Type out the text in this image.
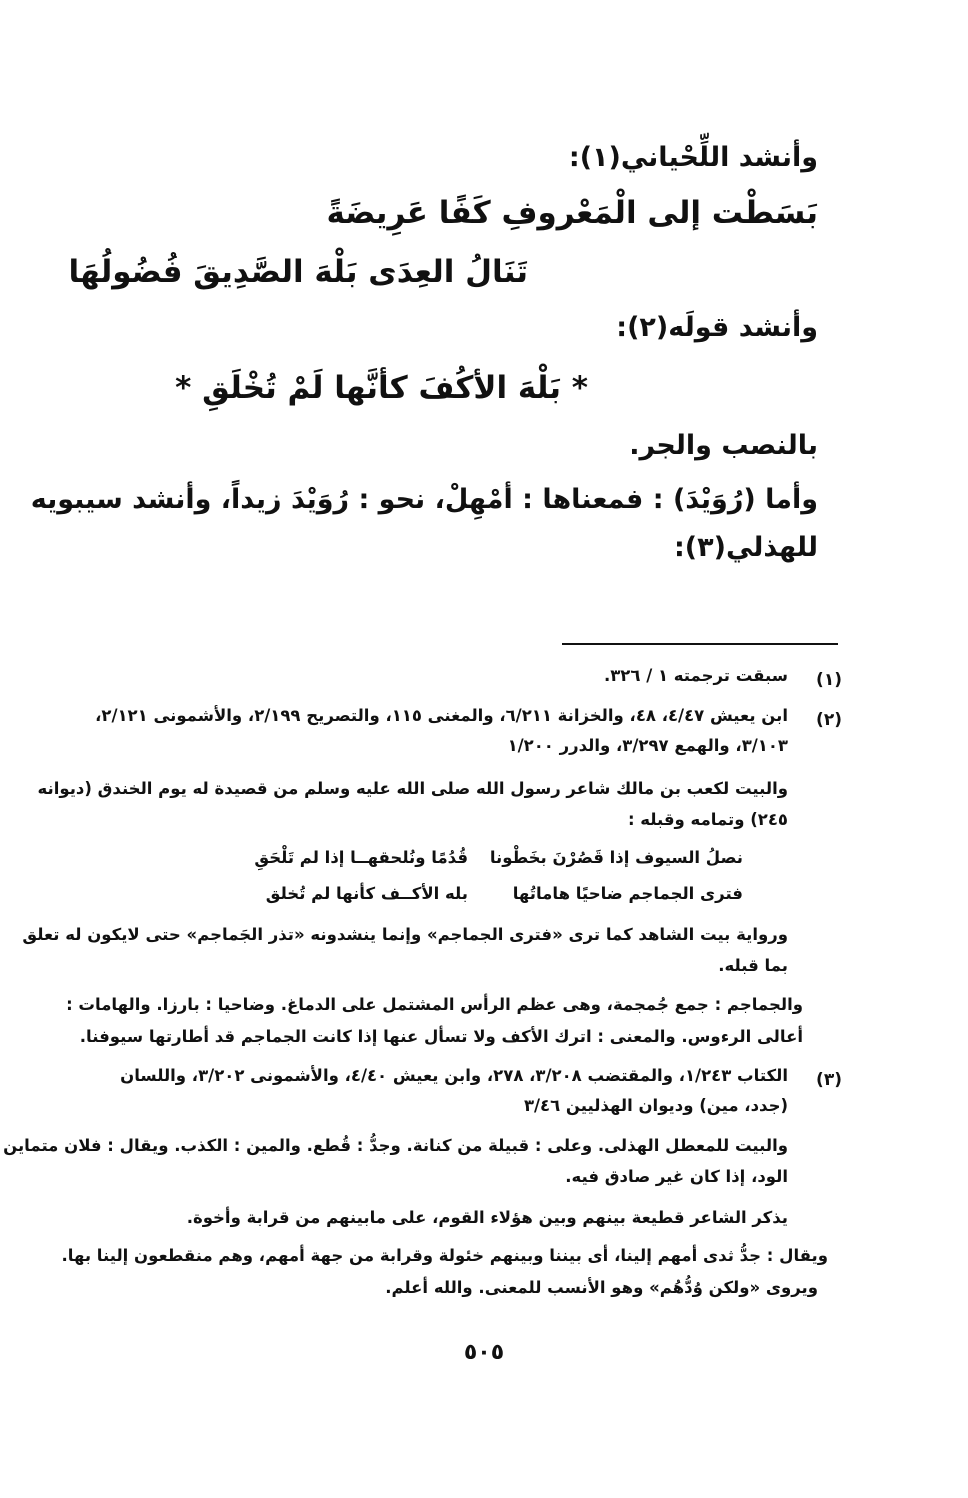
وأنشد اللِّحْياني(١):
بَسَطْت إلى الْمَعْروفِ كَفًا عَرِيضَةً
تَنَالُ العِدَى بَلْهَ الصَّدِيقَ فُضُولُهَا
وأنشد قولَه(٢):
* بَلْهَ الأكُفَ كأنَّها لَمْ تُخْلَقِ *
بالنصب والجر.
وأما (رُوَيْدَ) : فمعناها : أمْهِلْ، نحو : رُوَيْدَ زيداً، وأنشد سيبويه
للهذلي(٣):
(١)
سبقت ترجمته ١ / ٣٢٦.
(٢)
ابن يعيش ٤/٤٧، ٤٨، والخزانة ٦/٢١١، والمغنى ١١٥، والتصريح ٢/١٩٩، والأشمونى ٢/١٢١،
٣/١٠٣، والهمع ٣/٢٩٧، والدرر ١/٢٠٠
والبيت لكعب بن مالك شاعر رسول الله صلى الله عليه وسلم من قصيدة له يوم الخندق (ديوانه
٢٤٥) وتمامه وقبله :
نصلُ السيوف إذا قَصُرْنَ بخَطْونا
قُدُمًا ونُلحقهــا إذا لم تَلْحَقِ
فترى الجماجم ضاحيًا هاماتُها
بله الأكــف كأنها لم تُخلق
ورواية بيت الشاهد كما ترى «فترى الجماجم» وإنما ينشدونه «تذر الجَماجم» حتى لايكون له تعلق
بما قبله.
والجماجم : جمع جُمجمة، وهى عظم الرأس المشتمل على الدماغ. وضاحيا : بارزا. والهامات :
أعالى الرءوس. والمعنى : اترك الأكف ولا تسأل عنها إذا كانت الجماجم قد أطارتها سيوفنا.
(٣)
الكتاب ١/٢٤٣، والمقتضب ٣/٢٠٨، ٢٧٨، وابن يعيش ٤/٤٠، والأشمونى ٣/٢٠٢، واللسان
(جدد، مين) وديوان الهذليين ٣/٤٦
والبيت للمعطل الهذلى. وعلى : قبيلة من كنانة. وجدُّ : قُطع. والمين : الكذب. ويقال : فلان متماين
الود، إذا كان غير صادق فيه.
يذكر الشاعر قطيعة بينهم وبين هؤلاء القوم، على مابينهم من قرابة وأخوة.
ويقال : جدُّ ثدى أمهم إلينا، أى بيننا وبينهم خئولة وقرابة من جهة أمهم، وهم منقطعون إلينا بها.
ويروى «ولكن وُدُّهُم» وهو الأنسب للمعنى. والله أعلم.
٥٠٥
